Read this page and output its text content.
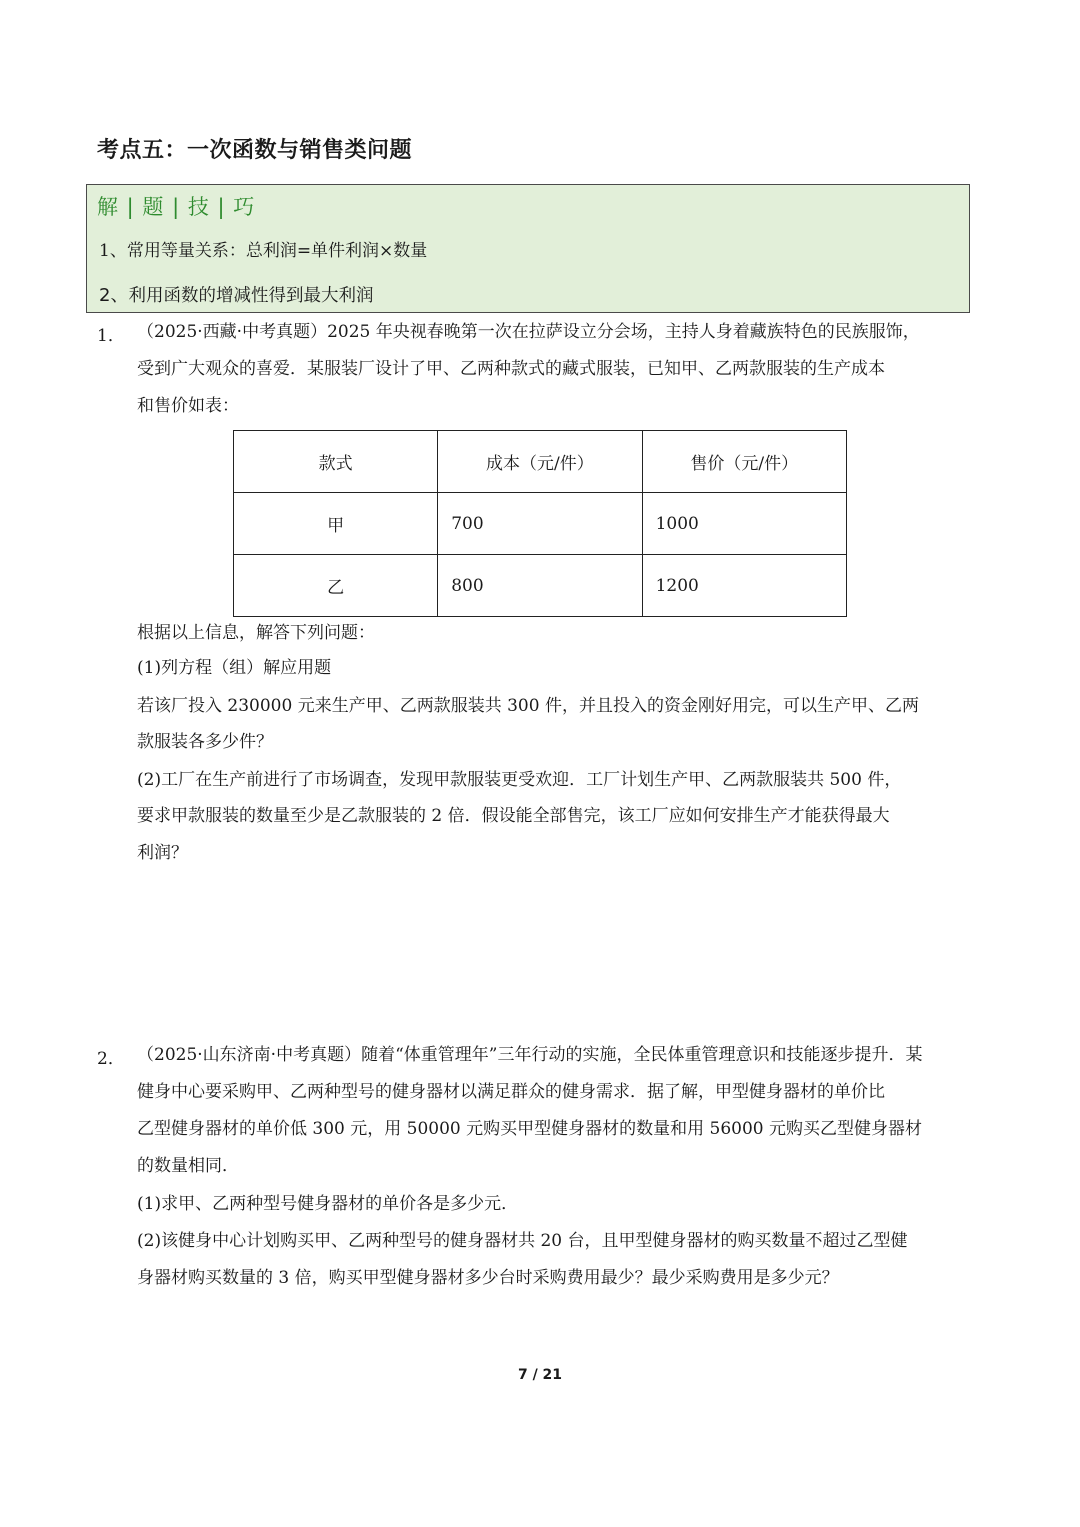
考点五：一次函数与销售类问题
解 | 题 | 技 | 巧
1、常用等量关系：总利润=单件利润×数量
2、利用函数的增减性得到最大利润
1． （2025·西藏·中考真题）2025 年央视春晚第一次在拉萨设立分会场，主持人身着藏族特色的民族服饰，
受到广大观众的喜爱．某服装厂设计了甲、乙两种款式的藏式服装，已知甲、乙两款服装的生产成本
和售价如表：
款式	成本（元/件）	售价（元/件）
甲	700	1000
乙	800	1200
根据以上信息，解答下列问题：
(1)列方程（组）解应用题
若该厂投入 230000 元来生产甲、乙两款服装共 300 件，并且投入的资金刚好用完，可以生产甲、乙两
款服装各多少件？
(2)工厂在生产前进行了市场调查，发现甲款服装更受欢迎．工厂计划生产甲、乙两款服装共 500 件，
要求甲款服装的数量至少是乙款服装的 2 倍．假设能全部售完，该工厂应如何安排生产才能获得最大
利润？
2． （2025·山东济南·中考真题）随着“体重管理年”三年行动的实施，全民体重管理意识和技能逐步提升．某
健身中心要采购甲、乙两种型号的健身器材以满足群众的健身需求．据了解，甲型健身器材的单价比
乙型健身器材的单价低 300 元，用 50000 元购买甲型健身器材的数量和用 56000 元购买乙型健身器材
的数量相同．
(1)求甲、乙两种型号健身器材的单价各是多少元．
(2)该健身中心计划购买甲、乙两种型号的健身器材共 20 台，且甲型健身器材的购买数量不超过乙型健
身器材购买数量的 3 倍，购买甲型健身器材多少台时采购费用最少？最少采购费用是多少元？
7 / 21
